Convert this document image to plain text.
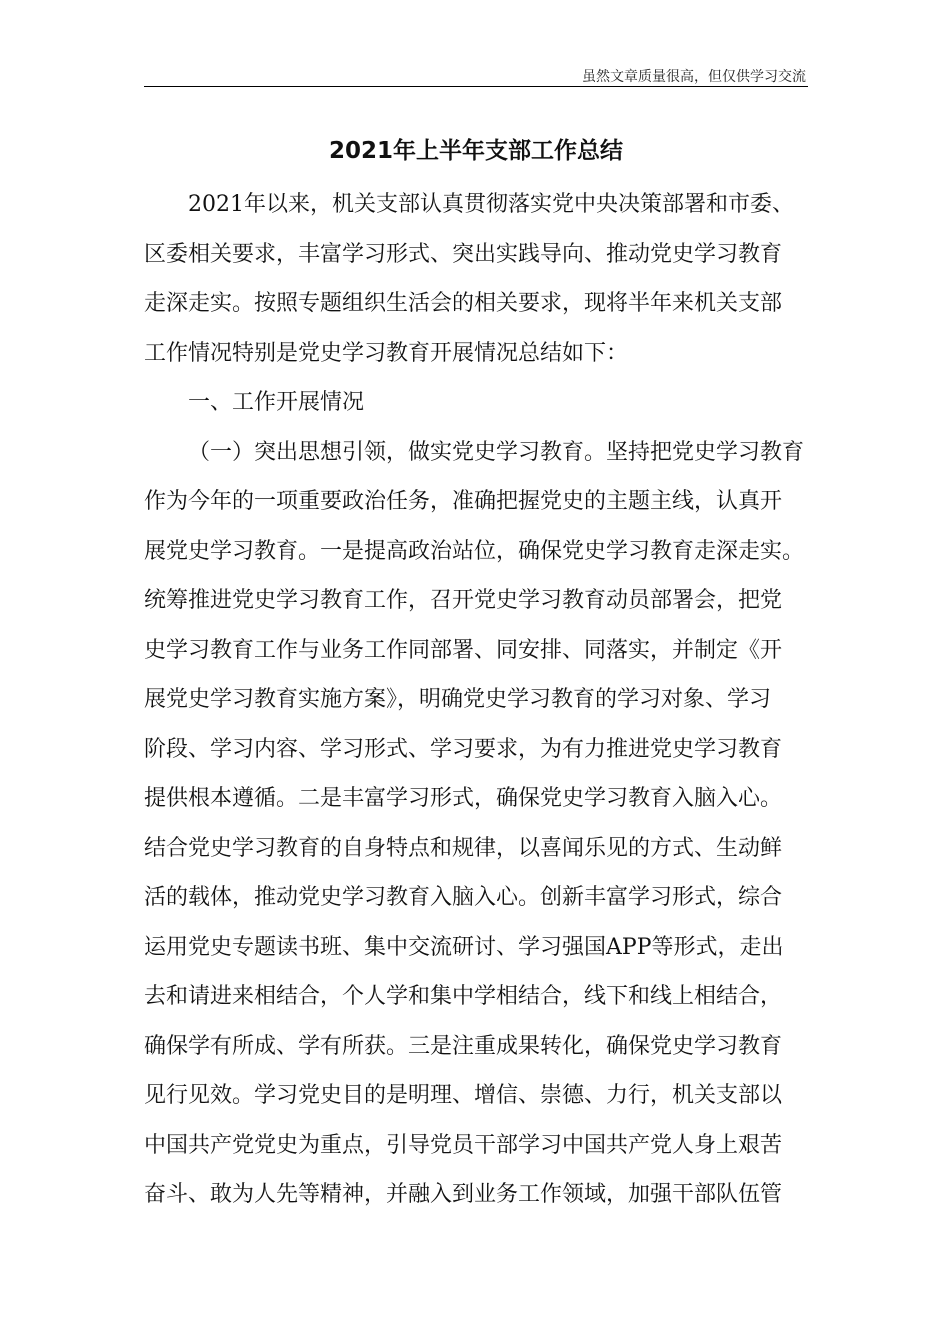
虽然文章质量很高，但仅供学习交流
2021年上半年支部工作总结
2021年以来，机关支部认真贯彻落实党中央决策部署和市委、
区委相关要求，丰富学习形式、突出实践导向、推动党史学习教育
走深走实。按照专题组织生活会的相关要求，现将半年来机关支部
工作情况特别是党史学习教育开展情况总结如下：
一、工作开展情况
（一）突出思想引领，做实党史学习教育。坚持把党史学习教育
作为今年的一项重要政治任务，准确把握党史的主题主线，认真开
展党史学习教育。一是提高政治站位，确保党史学习教育走深走实。
统筹推进党史学习教育工作，召开党史学习教育动员部署会，把党
史学习教育工作与业务工作同部署、同安排、同落实，并制定《开
展党史学习教育实施方案》，明确党史学习教育的学习对象、学习
阶段、学习内容、学习形式、学习要求，为有力推进党史学习教育
提供根本遵循。二是丰富学习形式，确保党史学习教育入脑入心。
结合党史学习教育的自身特点和规律，以喜闻乐见的方式、生动鲜
活的载体，推动党史学习教育入脑入心。创新丰富学习形式，综合
运用党史专题读书班、集中交流研讨、学习强国APP等形式，走出
去和请进来相结合，个人学和集中学相结合，线下和线上相结合，
确保学有所成、学有所获。三是注重成果转化，确保党史学习教育
见行见效。学习党史目的是明理、增信、崇德、力行，机关支部以
中国共产党党史为重点，引导党员干部学习中国共产党人身上艰苦
奋斗、敢为人先等精神，并融入到业务工作领域，加强干部队伍管
